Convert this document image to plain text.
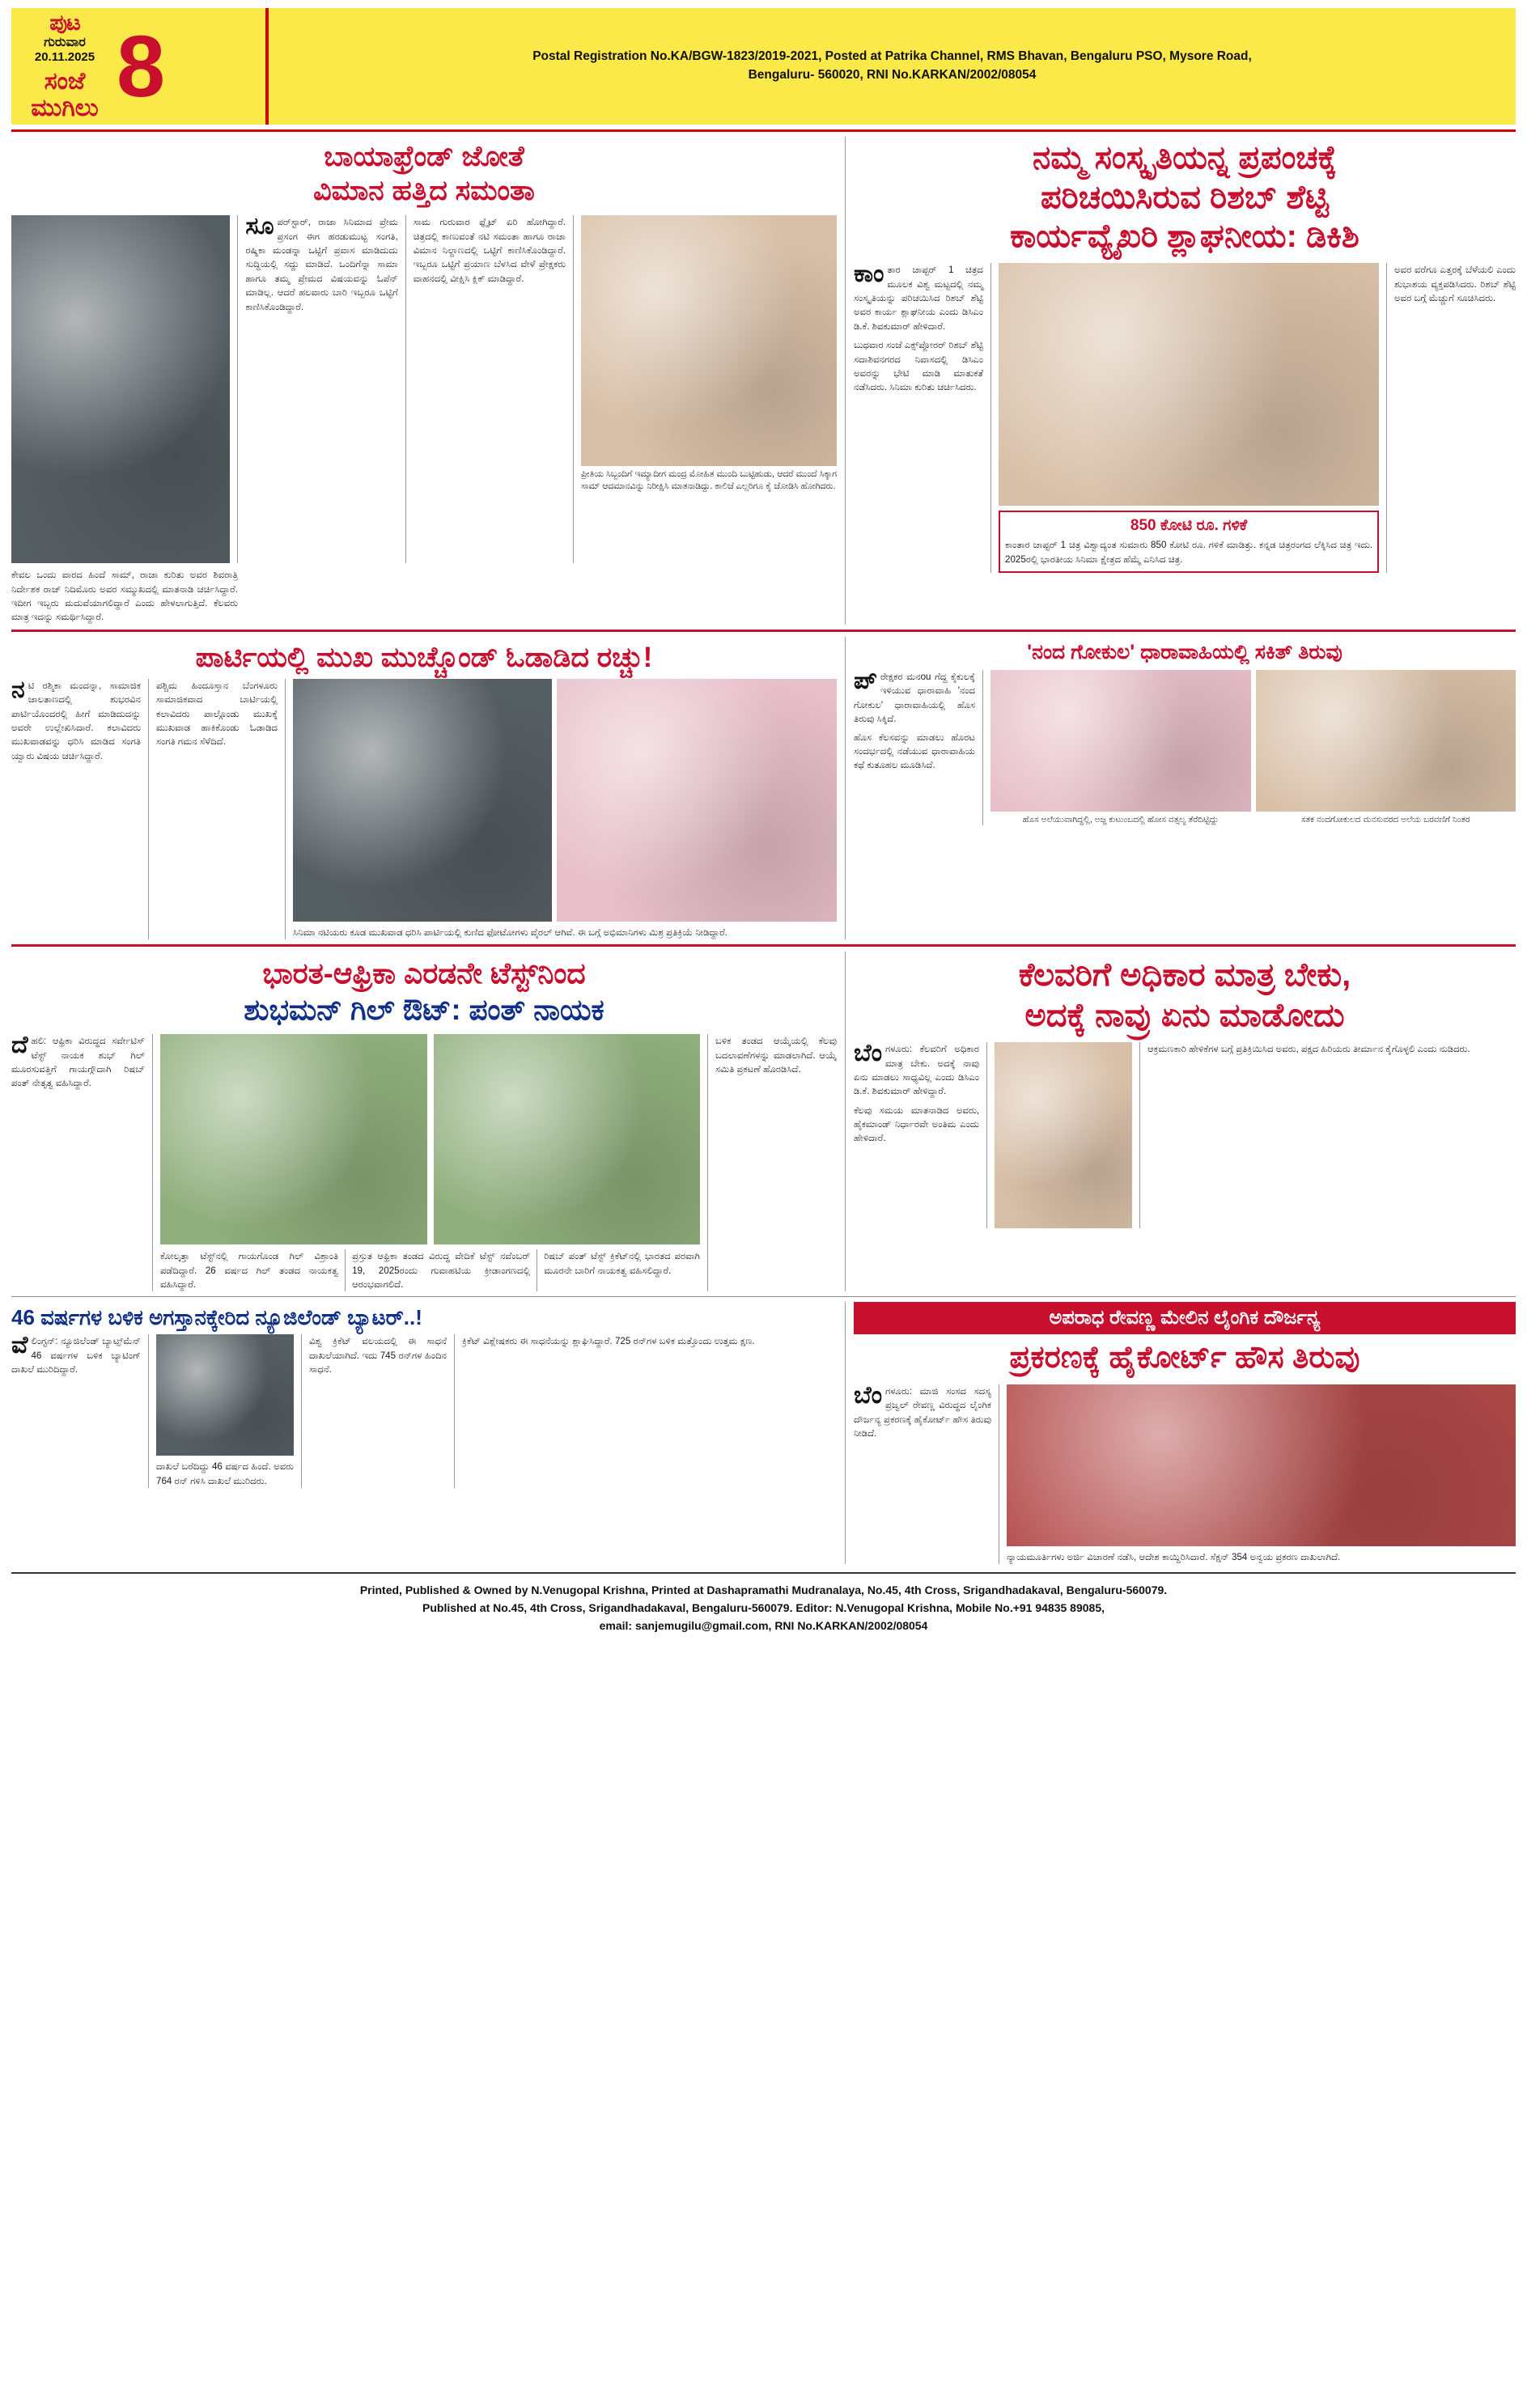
ಪುಟ
ಗುರುವಾರ
20.11.2025
ಸಂಜೆ
ಮುಗಿಲು 8	Postal Registration No.KA/BGW-1823/2019-2021, Posted at Patrika Channel, RMS Bhavan, Bengaluru PSO, Mysore Road,
Bengaluru- 560020, RNI No.KARKAN/2002/08054
ಬಾಯಾಫ್ರೆಂಡ್ ಜೋತೆ
ವಿಮಾನ ಹತ್ತಿದ ಸಮಂತಾ
ಸೂಪರ್‌ಸ್ಟಾರ್, ರಾಜಾ ಸಿನಿಮಾದ ಪ್ರೇಮ ಪ್ರಸಂಗ ಈಗ ಹರಡುಮುಟ್ಟ ಸಂಗತಿ, ರಷ್ಮಿಕಾ ಮಂಡನ್ನಾ ಒಟ್ಟಿಗೆ ಪ್ರವಾಸ ಮಾಡಿದುದು ಸುದ್ದಿಯಲ್ಲಿ ಸದ್ದು ಮಾಡಿದೆ. ಒಂದಿಗೆನ್ನಾ ಸಾಮಾ ಹಾಗೂ ತಮ್ಮ ಪ್ರೇಮದ ವಿಷಯವನ್ನು ಓಪೆನ್ ಮಾಡಿಲ್ಲ. ಆದರೆ ಹಲವಾರು ಬಾರಿ ಇಬ್ಬರೂ ಒಟ್ಟಿಗೆ ಕಾಣಿಸಿಕೊಂಡಿದ್ದಾರೆ.
ಸಾಮ ಗುರುವಾರ ಫ್ಲೈಟ್ ಏರಿ ಹೋಗಿದ್ದಾರೆ. ಚಿತ್ರದಲ್ಲಿ ಕಾಣುವಂತೆ ನಟಿ ಸಮಂತಾ ಹಾಗೂ ರಾಜಾ ವಿಮಾನ ನಿಲ್ದಾಣದಲ್ಲಿ ಒಟ್ಟಿಗೆ ಕಾಣಿಸಿಕೊಂಡಿದ್ದಾರೆ. ಇಬ್ಬರೂ ಒಟ್ಟಿಗೆ ಪ್ರಯಾಣ ಬೆಳಸಿದ ವೇಳೆ ಪ್ರೇಕ್ಷಕರು ವಾಹನದಲ್ಲಿ ವೀಕ್ಷಿಸಿ ಕ್ಲಿಕ್ ಮಾಡಿದ್ದಾರೆ.
ಪ್ರೀತಿಯ ಸಿಬ್ಬಂದಿಗೆ ಇಮ್ಯಾದೀಗ ಮಂದ್ರ ಮೋಹಿತ ಮುಂದಿ ಬುಟ್ಟಿಹುಡು, ಆದರೆ ಮುಂದೆ ಸಿಕ್ಕಾಗ ಸಾಮ್ ಆದಮಾನವಿನ್ನು ನಿರೀಕ್ಷಿಸಿ ಮಾತನಾಡಿದ್ದು. ಕಾಲಿಜೆ ಎಲ್ಲರಿಗೂ ಕೈ ಜೋಡಿಸಿ ಹೋಗಿದರು.
ಕೇವಲ ಒಂದು ವಾರದ ಹಿಂದೆ ಸಾಮ್, ರಾಜಾ ಕುರಿತು ಅವರ ಶಿವರಾತ್ರಿ ನಿರ್ದೇಶಕ ರಾಜ್ ನಿದಿಮೊರು ಅವರ ಸಮ್ಮುಖದಲ್ಲಿ ಮಾತನಾಡಿ ಚರ್ಚಿಸಿದ್ದಾರೆ. ಇದೀಗ ಇಬ್ಬರು ಮದುವೆಯಾಗಲಿದ್ದಾರೆ ಎಂದು ಹೇಳಲಾಗುತ್ತಿದೆ. ಕೆಲವರು ಮಾತ್ರ ಇದನ್ನು ಸಮರ್ಥಿಸಿದ್ದಾರೆ.
ನಮ್ಮ ಸಂಸ್ಕೃತಿಯನ್ನ ಪ್ರಪಂಚಕ್ಕೆ
ಪರಿಚಯಿಸಿರುವ ರಿಶಬ್ ಶೆಟ್ಟಿ
ಕಾರ್ಯವ್ಯೈಖರಿ ಶ್ಲಾಘನೀಯ: ಡಿಕಿಶಿ
ಕಾಂತಾರ ಚಾಪ್ಟರ್ 1 ಚಿತ್ರದ ಮೂಲಕ ವಿಶ್ವ ಮಟ್ಟದಲ್ಲಿ ನಮ್ಮ ಸಂಸ್ಕೃತಿಯನ್ನು ಪರಿಚಯಿಸಿದ ರಿಶಬ್ ಶೆಟ್ಟಿ ಅವರ ಕಾರ್ಯ ಶ್ಲಾಘನೀಯ ಎಂದು ಡಿಸಿಎಂ ಡಿ.ಕೆ. ಶಿವಕುಮಾರ್ ಹೇಳಿದಾರೆ.
ಬುಧವಾರ ಸಂಜೆ ಎಕ್ಸ್‌ಪ್ಲೋರರ್ ರಿಶಬ್ ಶೆಟ್ಟಿ ಸದಾಶಿವನಗರದ ನಿವಾಸದಲ್ಲಿ ಡಿಸಿಎಂ ಅವರನ್ನು ಭೇಟಿ ಮಾಡಿ ಮಾತುಕತೆ ನಡೆಸಿದರು. ಸಿನಿಮಾ ಕುರಿತು ಚರ್ಚಿಸಿದರು.
850 ಕೋಟಿ ರೂ. ಗಳಿಕೆ
ಕಾಂತಾರ ಚಾಪ್ಟರ್ 1 ಚಿತ್ರ ವಿಶ್ವಾದ್ಯಂತ ಸುಮಾರು 850 ಕೋಟಿ ರೂ. ಗಳಿಕೆ ಮಾಡಿತ್ತು. ಕನ್ನಡ ಚಿತ್ರರಂಗದ ಲೆಕ್ಕಿಸಿದ ಚಿತ್ರ ಇದು. 2025ರಲ್ಲಿ ಭಾರತೀಯ ಸಿನಿಮಾ ಕ್ಷೇತ್ರದ ಹೆಮ್ಮೆ ಎನಿಸಿದ ಚಿತ್ರ.
ಅವರ ವರೆಗೂ ಎತ್ತರಕ್ಕೆ ಬೆಳೆಯಲಿ ಎಂದು ಶುಭಾಶಯ ವ್ಯಕ್ತಪಡಿಸಿದರು. ರಿಶಬ್ ಶೆಟ್ಟಿ ಅವರ ಬಗ್ಗೆ ಮೆಚ್ಚುಗೆ ಸೂಚಿಸಿದರು.
ಪಾರ್ಟಿಯಲ್ಲಿ ಮುಖ ಮುಚ್ಚೊಂಡ್ ಓಡಾಡಿದ ರಚ್ಚು!
ನಟಿ ರಶ್ಮಿಕಾ ಮಂದನ್ನಾ, ಸಾಮಾಜಿಕ ಜಾಲತಾಣದಲ್ಲಿ ಶುಭರವಿನ ಪಾರ್ಟಿಯೊಂದರಲ್ಲಿ ಹೀಗೆ ಮಾಡಿದುದನ್ನು ಅವರೇ ಉಲ್ಲೇಖಿಸಿದಾರೆ. ಕಲಾವಿದರು ಮುಖವಾಡವನ್ನು ಧರಿಸಿ ಮಾಡಿದ ಸಂಗತಿ ಯ್ವಾರು ವಿಷಯ ಚರ್ಚಿಸಿದ್ದಾರೆ.
ಪಶ್ಚಿಮ ಹಿಂದೂಸ್ತಾನ ಬೆಂಗಳೂರು ಸಾಮಾಜಿಕವಾದ ಬಾರ್ಟಿಯಲ್ಲಿ ಕಲಾವಿದರು ಪಾಲ್ಗೊಂಡು ಮುಖಕ್ಕೆ ಮುಖವಾಡ ಹಾಕಿಕೊಂಡು ಓಡಾಡಿದ ಸಂಗತಿ ಗಮನ ಸೆಳೆದಿದೆ.
ಸಿನಿಮಾ ನಟಿಯರು ಕೂಡ ಮುಖವಾಡ ಧರಿಸಿ ಪಾರ್ಟಿಯಲ್ಲಿ ಕುಣಿದ ಫೋಟೋಗಳು ವೈರಲ್ ಆಗಿವೆ. ಈ ಬಗ್ಗೆ ಅಭಿಮಾನಿಗಳು ಮಿಶ್ರ ಪ್ರತಿಕ್ರಿಯೆ ನೀಡಿದ್ದಾರೆ.
'ನಂದ ಗೋಕುಲ' ಧಾರಾವಾಹಿಯಲ್ಲಿ ಸಕಿತ್ ತಿರುವು
ಪ್ರೇಕ್ಷಕರ ಮನou ಗೆದ್ದ ಕೈಕುಲಕ್ಕೆ ಇಳಿಯುವ ಧಾರಾವಾಹಿ 'ನಂದ ಗೋಕುಲ' ಧಾರಾವಾಹಿಯಲ್ಲಿ ಹೊಸ ತಿರುವು ಸಿಕ್ಕಿದೆ.
ಹೊಸ ಕೆಲಸವನ್ನು ಮಾಡಲು ಹೊರಟ ಸಂದರ್ಭದಲ್ಲಿ ನಡೆಯುವ ಧಾರಾವಾಹಿಯ ಕಥೆ ಕುತೂಹಲ ಮೂಡಿಸಿದೆ.
ಹೊಸ ಅಲೆಯುವಾಗಿದ್ದಲ್ಲಿ, ಅಜ್ಜ ಕುಟುಂಬದಲ್ಲಿ ಹೋಸ ವತ್ಸಲ್ಯ ತೆರೆದಿಟ್ಟಿದ್ದು	ಸತಕ ನಂದಗೋಕುಲದ ಮನಸುವರದ ಅಲೆಯ ಬರವಣಿಗೆ ನಿಂತರ
ಭಾರತ-ಆಫ್ರಿಕಾ ಎರಡನೇ ಟೆಸ್ಟ್‌ನಿಂದ
ಶುಭಮನ್ ಗಿಲ್ ಔಟ್: ಪಂತ್ ನಾಯಕ
ದೆಹಲಿ: ಆಫ್ರಿಕಾ ವಿರುದ್ಧದ ಸರ್ವೇಟಿಸ್ ಟೆಸ್ಟ್ ನಾಯಕ ಶುಭ್ ಗಿಲ್ ಮೂರಸುವತ್ತಿಗೆ ಗಾಯಗ್ಗೌದಾಗಿ ರಿಷಬ್ ಪಂತ್ ನೇತೃತ್ವ ವಹಿಸಿದ್ದಾರೆ.
ಕೋಲ್ಕತ್ತಾ ಟೆಸ್ಟ್‌ನಲ್ಲಿ ಗಾಯಗೊಂಡ ಗಿಲ್ ವಿಶ್ರಾಂತಿ ಪಡೆದಿದ್ದಾರೆ. 26 ವರ್ಷದ ಗಿಲ್ ತಂಡದ ನಾಯಕತ್ವ ವಹಿಸಿದ್ದಾರೆ.
ಪ್ರಸ್ತುತ ಆಫ್ರಿಕಾ ತಂಡದ ವಿರುದ್ಧ ವೇದಿಕೆ ಟೆಸ್ಟ್ ನವೆಂಬರ್ 19, 2025ರಂದು ಗುವಾಹಟಿಯ ಕ್ರೀಡಾಂಗಣದಲ್ಲಿ ಆರಂಭವಾಗಲಿದೆ.
ರಿಷಬ್ ಪಂತ್ ಟೆಸ್ಟ್ ಕ್ರಿಕೆಟ್‌ನಲ್ಲಿ ಭಾರತದ ಪರವಾಗಿ ಮೂರನೇ ಬಾರಿಗೆ ನಾಯಕತ್ವ ವಹಿಸಲಿದ್ದಾರೆ.
ಬಳಿಕ ತಂಡದ ಆಯ್ಕೆಯಲ್ಲಿ ಕೆಲವು ಬದಲಾವಣೆಗಳನ್ನು ಮಾಡಲಾಗಿದೆ. ಆಯ್ಕೆ ಸಮಿತಿ ಪ್ರಕಟಣೆ ಹೊರಡಿಸಿದೆ.
ಕೆಲವರಿಗೆ ಅಧಿಕಾರ ಮಾತ್ರ ಬೇಕು,
ಅದಕ್ಕೆ ನಾವ್ರು ಏನು ಮಾಡೋದು
ಬೆಂಗಳೂರು: ಕೆಲವರಿಗೆ ಅಧಿಕಾರ ಮಾತ್ರ ಬೇಕು. ಅದಕ್ಕೆ ನಾವು ಏನು ಮಾಡಲು ಸಾಧ್ಯವಿಲ್ಲ ಎಂದು ಡಿಸಿಎಂ ಡಿ.ಕೆ. ಶಿವಕುಮಾರ್ ಹೇಳಿದ್ದಾರೆ.
ಕೆಲವು ಸಮಯ ಮಾತನಾಡಿದ ಅವರು, ಹೈಕಮಾಂಡ್ ನಿರ್ಧಾರವೇ ಅಂತಿಮ ಎಂದು ಹೇಳಿದಾರೆ.
ಆಕ್ರಮಣಕಾರಿ ಹೇಳಿಕೆಗಳ ಬಗ್ಗೆ ಪ್ರತಿಕ್ರಿಯಿಸಿದ ಅವರು, ಪಕ್ಷದ ಹಿರಿಯರು ತೀರ್ಮಾನ ಕೈಗೊಳ್ಳಲಿ ಎಂದು ನುಡಿದರು.
46 ವರ್ಷಗಳ ಬಳಿಕ ಅಗಸ್ತಾನಕ್ಕೇರಿದ ನ್ಯೂಜಿಲೆಂಡ್ ಬ್ಯಾಟರ್..!
ವೆಲಿಂಗ್ಟನ್: ನ್ಯೂಜಿಲೆಂಡ್ ಬ್ಯಾಟ್ಸ್‌ಮೆನ್ 46 ವರ್ಷಗಳ ಬಳಿಕ ಬ್ಯಾಟಿಂಗ್ ದಾಖಲೆ ಮುರಿದಿದ್ದಾರೆ.
ದಾಖಲೆ ಬರೆದಿದ್ದು 46 ವರ್ಷದ ಹಿಂದೆ. ಅವರು 764 ರನ್ ಗಳಿಸಿ ದಾಖಲೆ ಮುರಿದರು.
ವಿಶ್ವ ಕ್ರಿಕೆಟ್ ವಲಯದಲ್ಲಿ ಈ ಸಾಧನೆ ದಾಖಲೆಯಾಗಿದೆ. ಇದು 745 ರನ್‌ಗಳ ಹಿಂದಿನ ಸಾಧನೆ.
ಕ್ರಿಕೆಟ್ ವಿಶ್ಲೇಷಕರು ಈ ಸಾಧನೆಯನ್ನು ಶ್ಲಾಘಿಸಿದ್ದಾರೆ. 725 ರನ್‌ಗಳ ಬಳಿಕ ಮತ್ತೊಂದು ಉತ್ತಮ ಕ್ಷಣ.
ಅಪರಾಧ ರೇವಣ್ಣ ಮೇಲಿನ ಲೈಂಗಿಕ ದೌರ್ಜನ್ಯ
ಪ್ರಕರಣಕ್ಕೆ ಹೈಕೋರ್ಟ್ ಹೌಸ ತಿರುವು
ಬೆಂಗಳೂರು: ಮಾಜಿ ಸಂಸದ ಸದಸ್ಯ ಪ್ರಜ್ವಲ್ ರೇವಣ್ಣ ವಿರುದ್ಧದ ಲೈಂಗಿಕ ದೌರ್ಜನ್ಯ ಪ್ರಕರಣಕ್ಕೆ ಹೈಕೋರ್ಟ್ ಹೌಸ ತಿರುವು ನೀಡಿದೆ.
ನ್ಯಾಯಮೂರ್ತಿಗಳು ಅರ್ಜಿ ವಿಚಾರಣೆ ನಡೆಸಿ, ಆದೇಶ ಕಾಯ್ದಿರಿಸಿದಾರೆ. ಸೆಕ್ಷನ್ 354 ಅನ್ವಯ ಪ್ರಕರಣ ದಾಖಲಾಗಿದೆ.
Printed, Published & Owned by N.Venugopal Krishna, Printed at Dashapramathi Mudranalaya, No.45, 4th Cross, Srigandhadakaval, Bengaluru-560079.
Published at No.45, 4th Cross, Srigandhadakaval, Bengaluru-560079. Editor: N.Venugopal Krishna, Mobile No.+91 94835 89085,
email: sanjemugilu@gmail.com, RNI No.KARKAN/2002/08054
